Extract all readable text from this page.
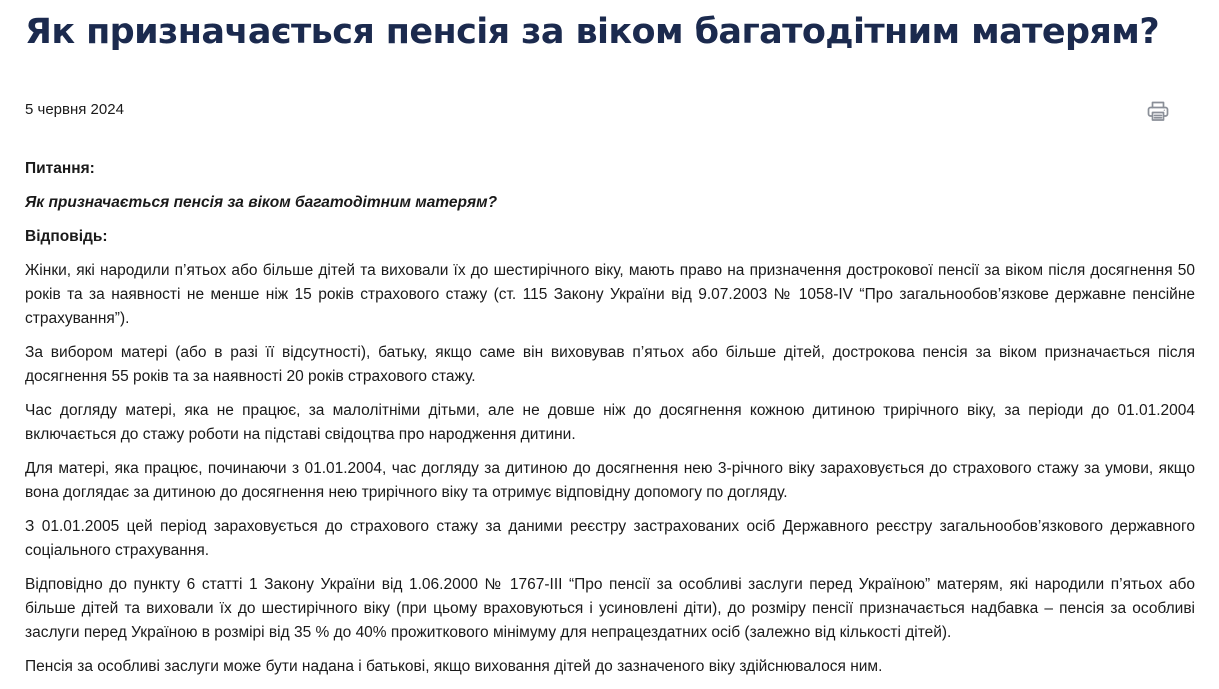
Як призначається пенсія за віком багатодітним матерям?
5 червня 2024

Питання:

Як призначається пенсія за віком багатодітним матерям?

Відповідь:

Жінки, які народили п’ятьох або більше дітей та виховали їх до шестирічного віку, мають право на призначення дострокової пенсії за віком після досягнення 50 років та за наявності не менше ніж 15 років страхового стажу (ст. 115 Закону України від 9.07.2003 № 1058-IV “Про загальнообов’язкове державне пенсійне страхування”).

За вибором матері (або в разі її відсутності), батьку, якщо саме він виховував п’ятьох або більше дітей, дострокова пенсія за віком призначається після досягнення 55 років та за наявності 20 років страхового стажу.

Час догляду матері, яка не працює, за малолітніми дітьми, але не довше ніж до досягнення кожною дитиною трирічного віку, за періоди до 01.01.2004 включається до стажу роботи на підставі свідоцтва про народження дитини.

Для матері, яка працює, починаючи з 01.01.2004, час догляду за дитиною до досягнення нею 3-річного віку зараховується до страхового стажу за умови, якщо вона доглядає за дитиною до досягнення нею трирічного віку та отримує відповідну допомогу по догляду.

З 01.01.2005 цей період зараховується до страхового стажу за даними реєстру застрахованих осіб Державного реєстру загальнообов’язкового державного соціального страхування.

Відповідно до пункту 6 статті 1 Закону України від 1.06.2000 № 1767-ІІІ “Про пенсії за особливі заслуги перед Україною” матерям, які народили п’ятьох або більше дітей та виховали їх до шестирічного віку (при цьому враховуються і усиновлені діти), до розміру пенсії призначається надбавка – пенсія за особливі заслуги перед Україною в розмірі від 35 % до 40% прожиткового мінімуму для непрацездатних осіб (залежно від кількості дітей).

Пенсія за особливі заслуги може бути надана і батькові, якщо виховання дітей до зазначеного віку здійснювалося ним.
